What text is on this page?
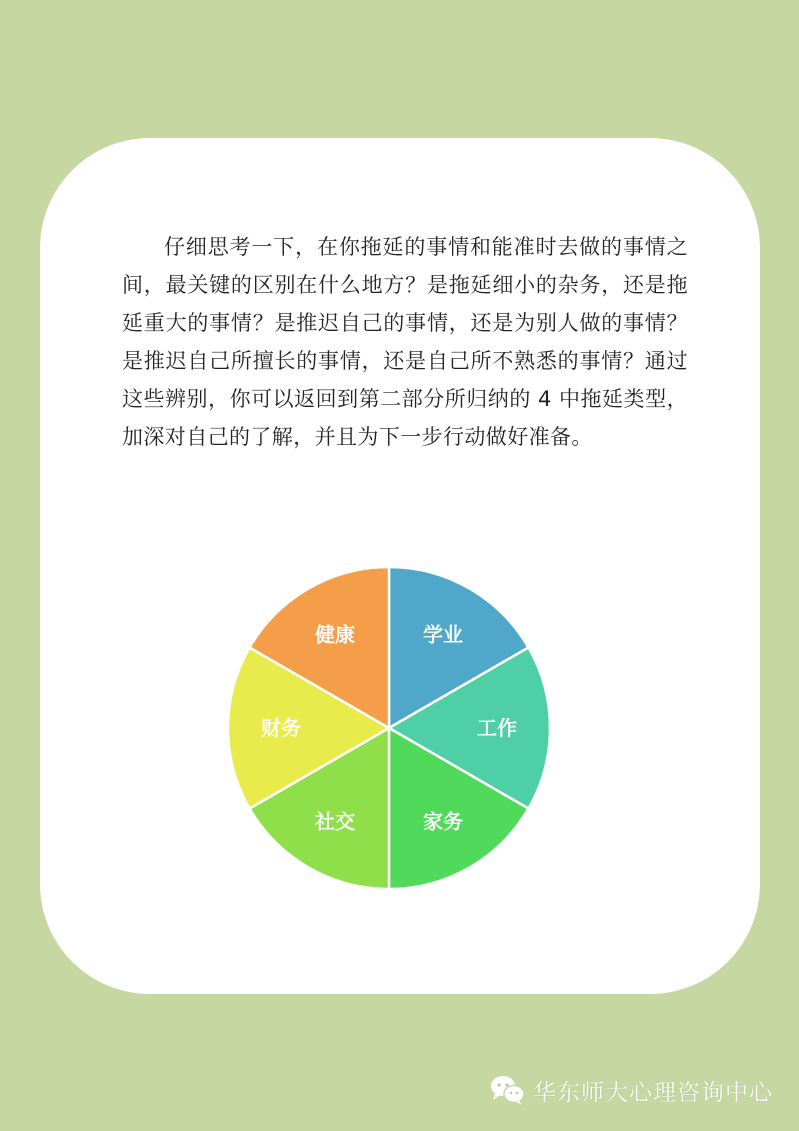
仔细思考一下，在你拖延的事情和能准时去做的事情之间，最关键的区别在什么地方？是拖延细小的杂务，还是拖延重大的事情？是推迟自己的事情，还是为别人做的事情？是推迟自己所擅长的事情，还是自己所不熟悉的事情？通过这些辨别，你可以返回到第二部分所归纳的 4 中拖延类型，加深对自己的了解，并且为下一步行动做好准备。

学业
工作
家务
社交
财务
健康
华东师大心理咨询中心
